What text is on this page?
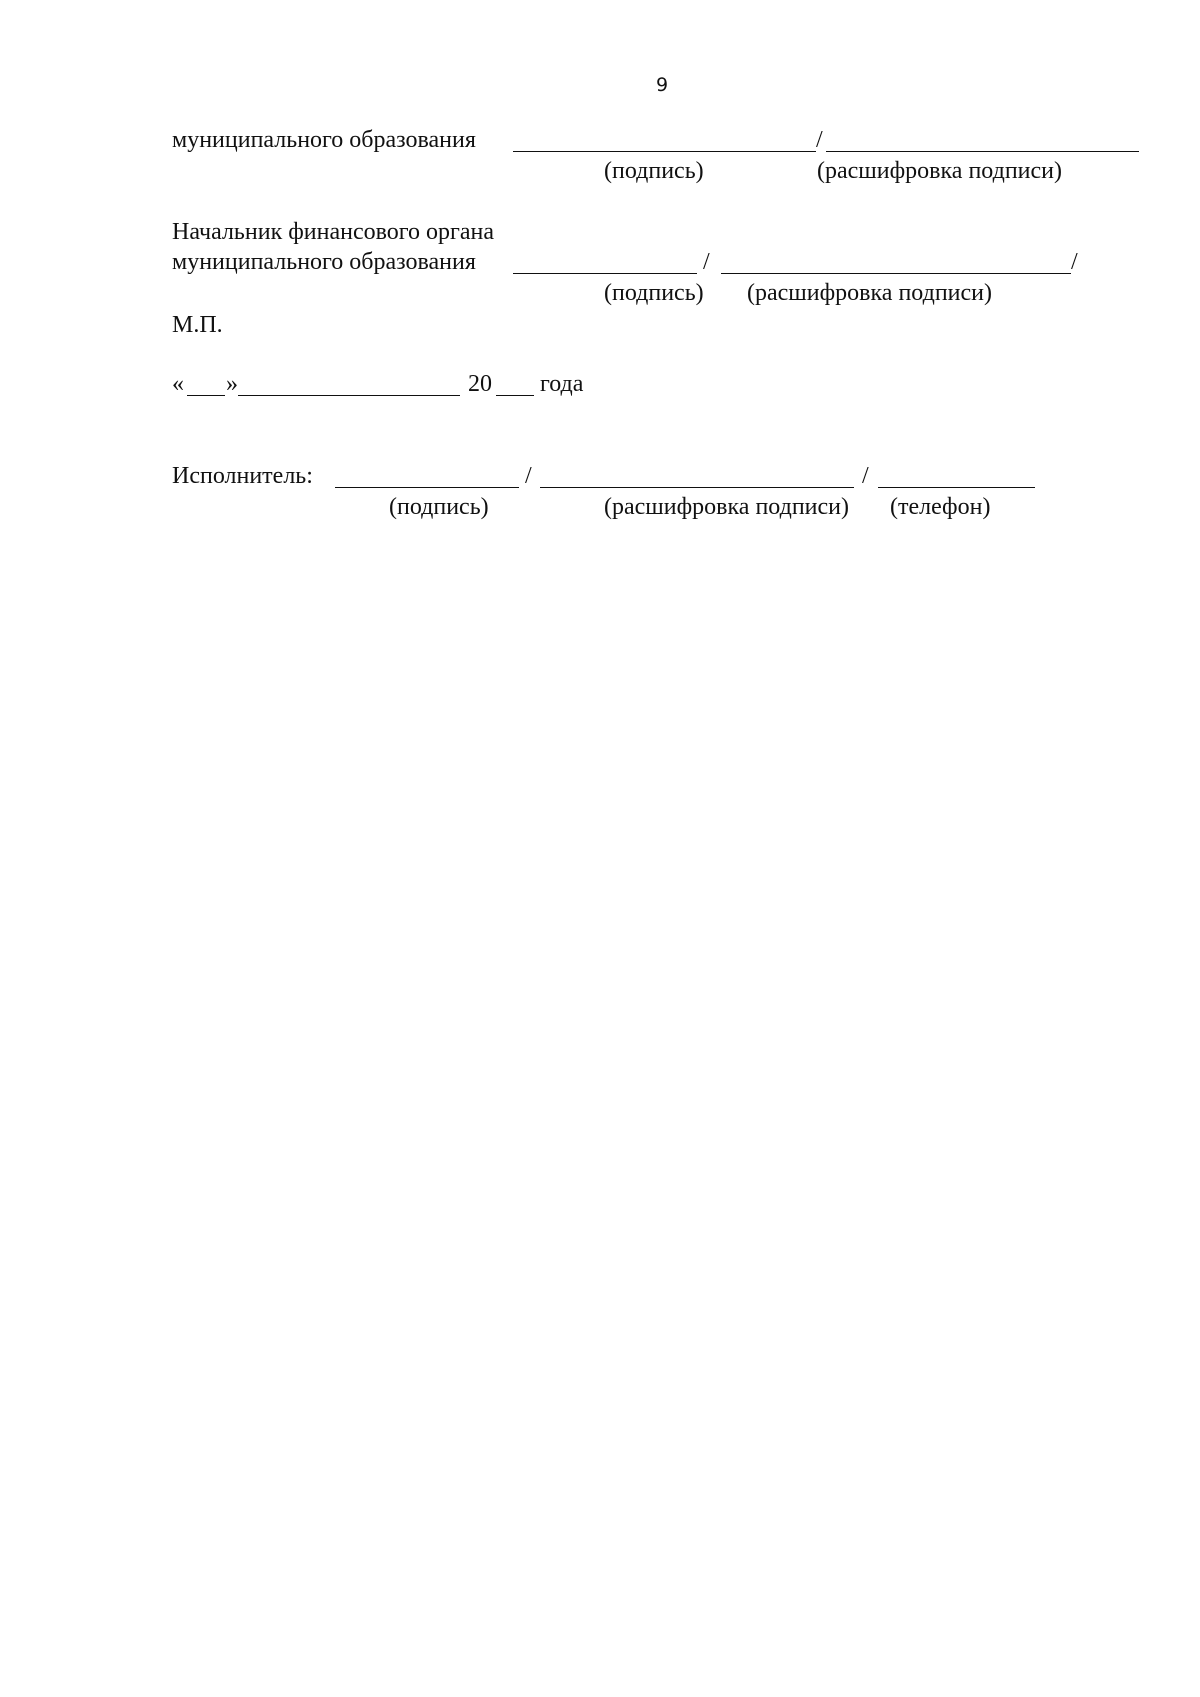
9
муниципального образования	/
(подпись)	(расшифровка подписи)
Начальник финансового органа
муниципального образования	/	/
(подпись) (расшифровка подписи)
М.П.
« »	20 года
Исполнитель:	/	/
(подпись)	(расшифровка подписи) (телефон)
